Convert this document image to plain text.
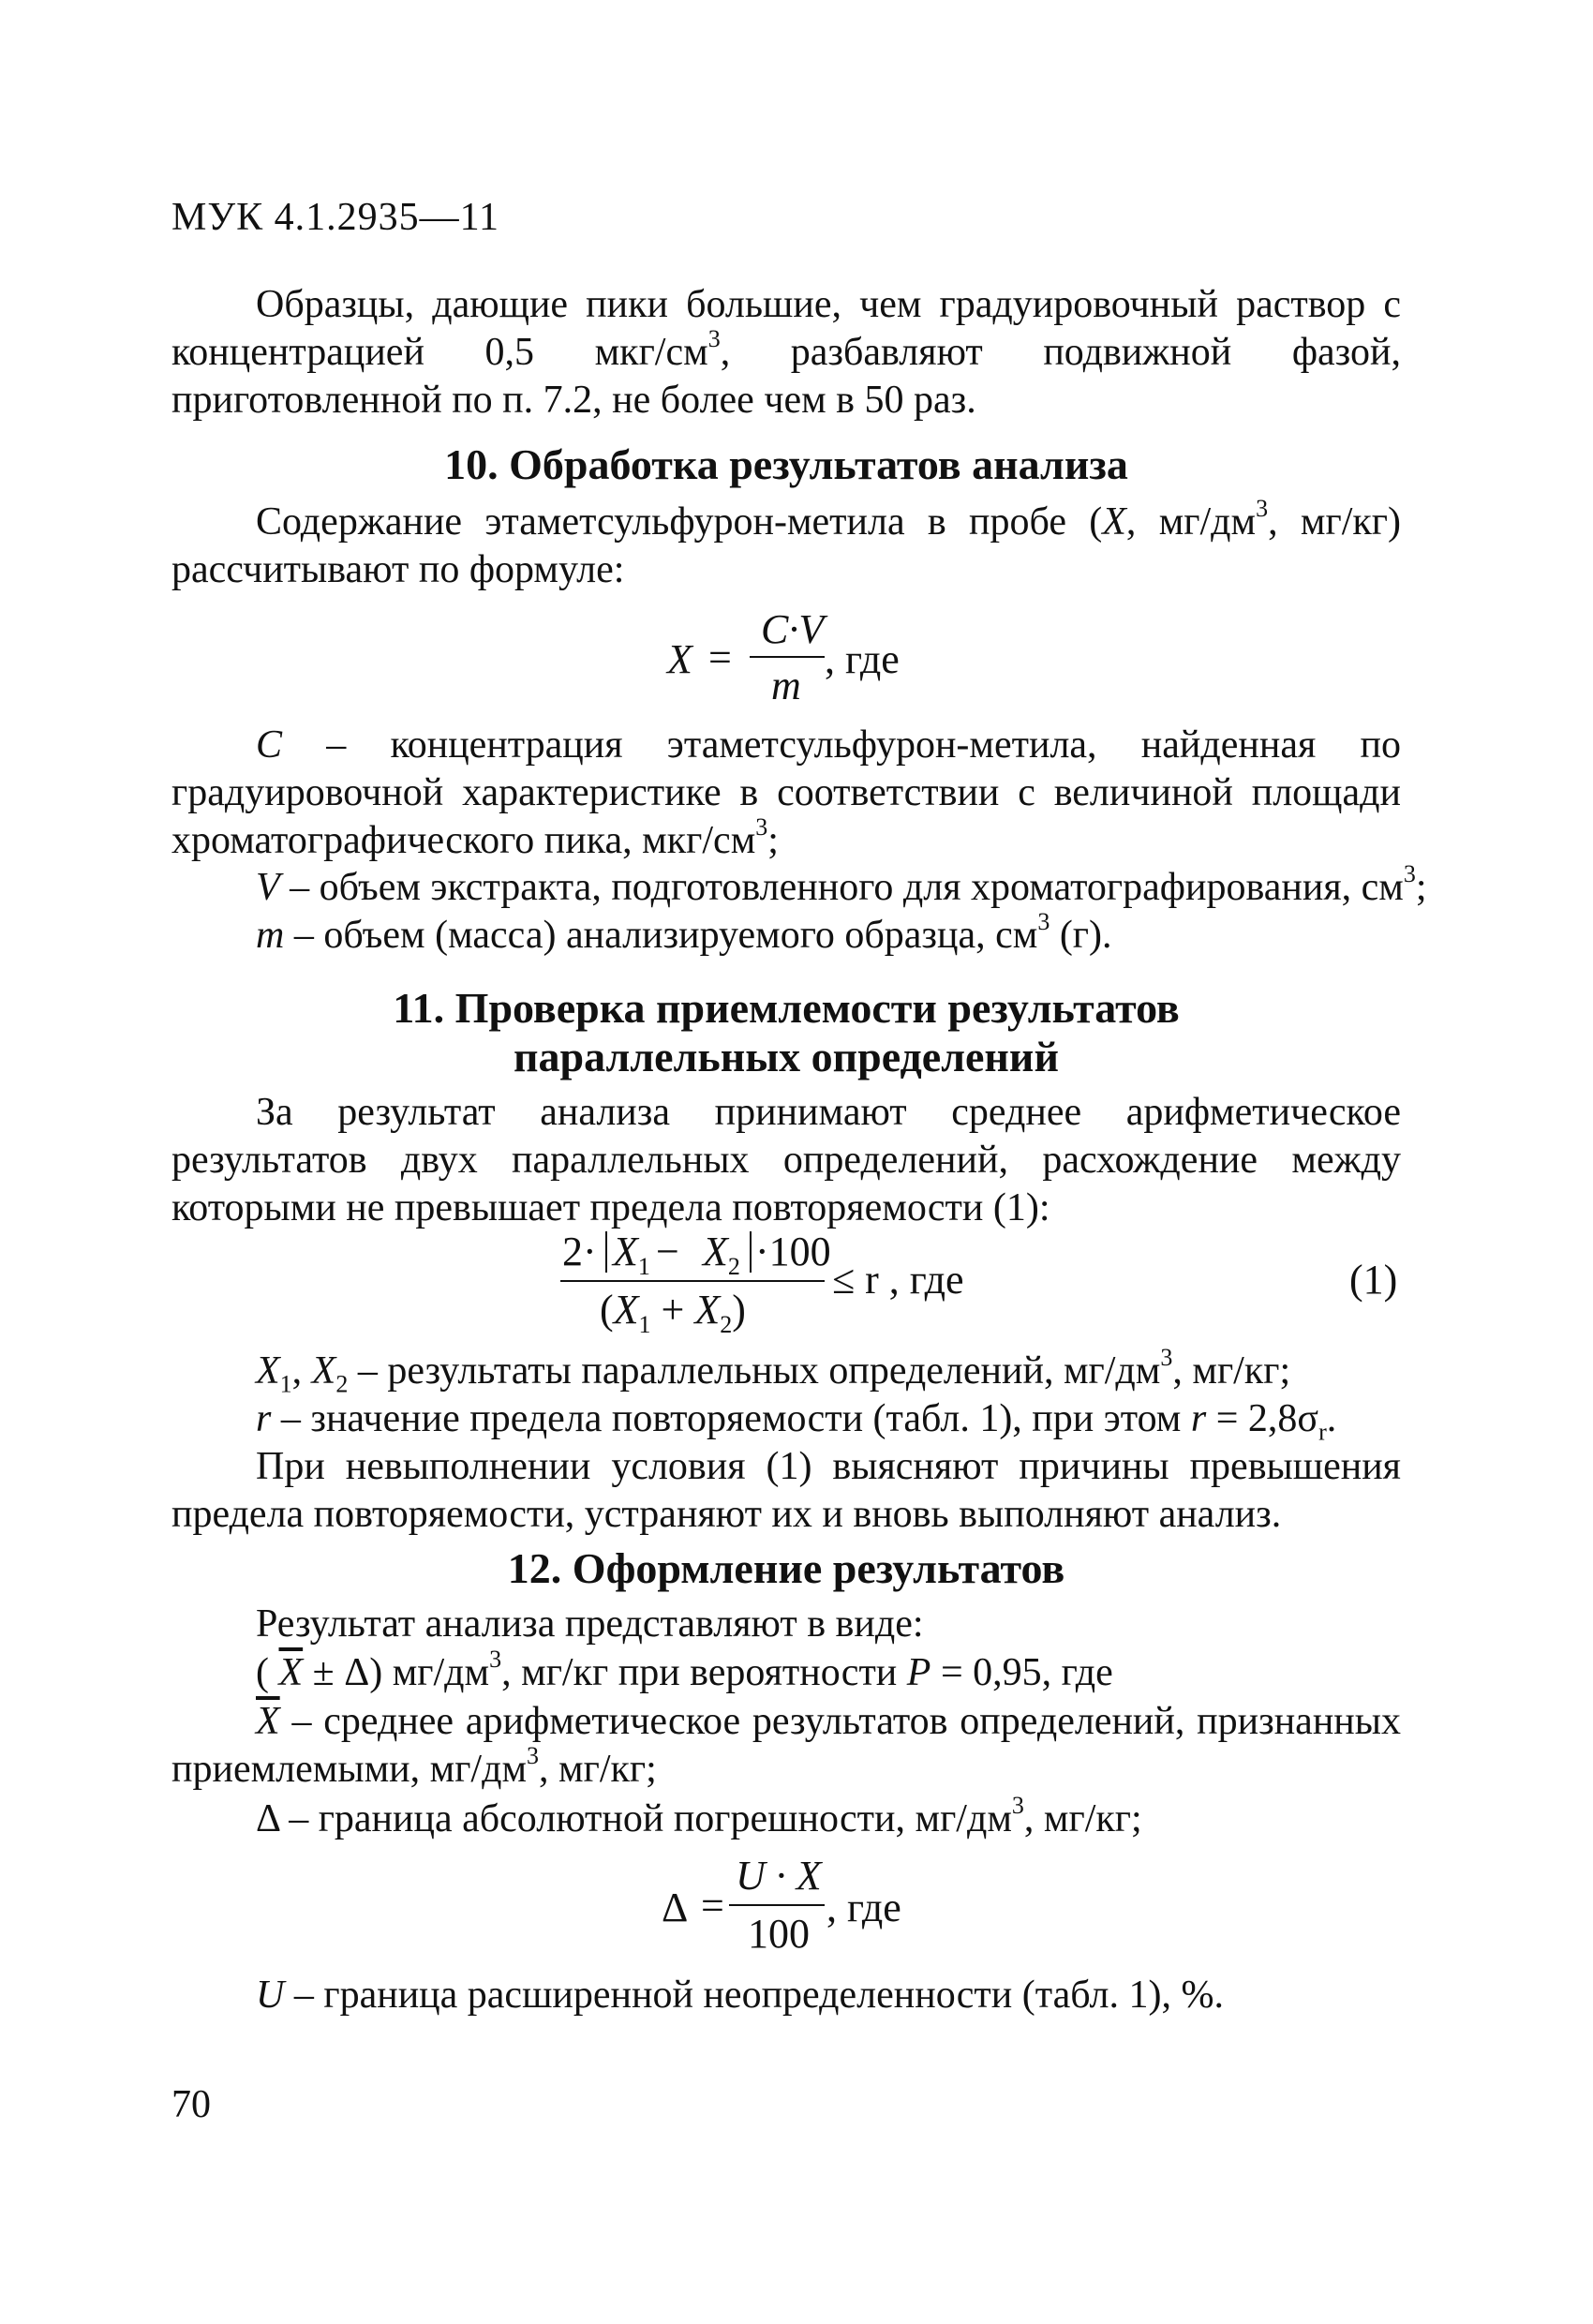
МУК 4.1.2935—11
Образцы, дающие пики большие, чем градуировочный раствор с концентрацией 0,5 мкг/$см^3$, разбавляют подвижной фазой, приготовленной по п. 7.2, не более чем в 50 раз.
10. Обработка результатов анализа
Содержание этаметсульфурон-метила в пробе (X, $мг/дм^3$, мг/кг) рассчитывают по формуле:
X =
C·V
m
, где
С – концентрация этаметсульфурон-метила, найденная по градуировочной характеристике в соответствии с величиной площади хроматографического пика, мкг/$см^3$;
V – объем экстракта, подготовленного для хроматографирования, $см^3$;
m – объем (масса) анализируемого образца, $см^3$ (г).
11. Проверка приемлемости результатов
параллельных определений
За результат анализа принимают среднее арифметическое результатов двух параллельных определений, расхождение между которыми не превышает предела повторяемости (1):
$2\cdot X_1 - X_2 \cdot 100$
$(X_1 + X_2)$
≤ r , где	(1)
$X_1$, $X_2$ – результаты параллельных определений, $мг/дм^3$, мг/кг;
r – значение предела повторяемости (табл. 1), при этом $r = 2,8\sigma_r$.
При невыполнении условия (1) выясняют причины превышения предела повторяемости, устраняют их и вновь выполняют анализ.
12. Оформление результатов
Результат анализа представляют в виде:
( $\overline{X} \pm \Delta$) $мг/дм^3$, мг/кг при вероятности P = 0,95, где
$\overline{X}$ – среднее арифметическое результатов определений, признанных приемлемыми, $мг/дм^3$, мг/кг;
Δ – граница абсолютной погрешности, $мг/дм^3$, мг/кг;
Δ =
U · X
100
, где
U – граница расширенной неопределенности (табл. 1), %.
70
